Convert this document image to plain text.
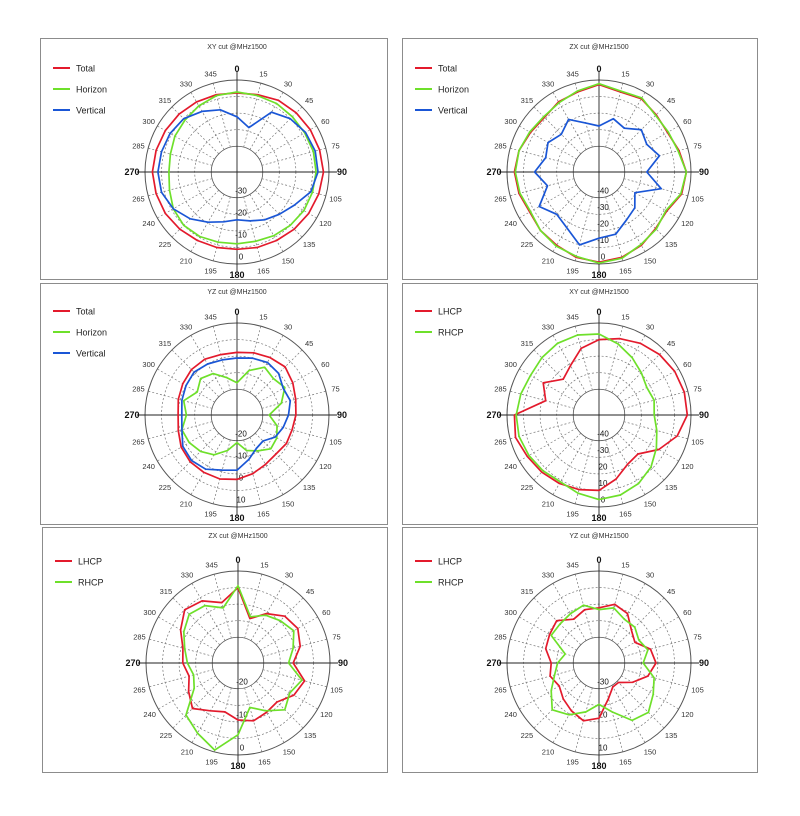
XY cut @MHz1500
0	15
30
45
60
75
90
105
120
135
150
165
180
195
210
225
240
265
270
285
300
315
330
345
-30
-20
-10
0
Total
Horizon
Vertical
ZX cut @MHz1500
0	15
30
45
60
75
90
105
120
135
150
165
180
195
210
225
240
265
270
285
300
315
330
345
-40
-30
-20
-10
0
Total
Horizon
Vertical
YZ cut @MHz1500
0	15
30
45
60
75
90
105
120
135
150
165
180
195
210
225
240
265
270
285
300
315
330
345
-20
-10
0
10
Total
Horizon
Vertical
XY cut @MHz1500
0	15
30
45
60
75
90
105
120
135
150
165
180
195
210
225
240
265
270
285
300
315
330
345
-40
-30
20
10
0
LHCP
RHCP
ZX cut @MHz1500
0	15
30
45
60
75
90
105
120
135
150
165
180
195
210
225
240
265
270
285
300
315
330
345
-20
-10
0
LHCP
RHCP
YZ cut @MHz1500
0	15
30
45
60
75
90
105
120
135
150
165
180
195
210
225
240
265
270
285
300
315
330
345
-30
20
10
LHCP
RHCP
